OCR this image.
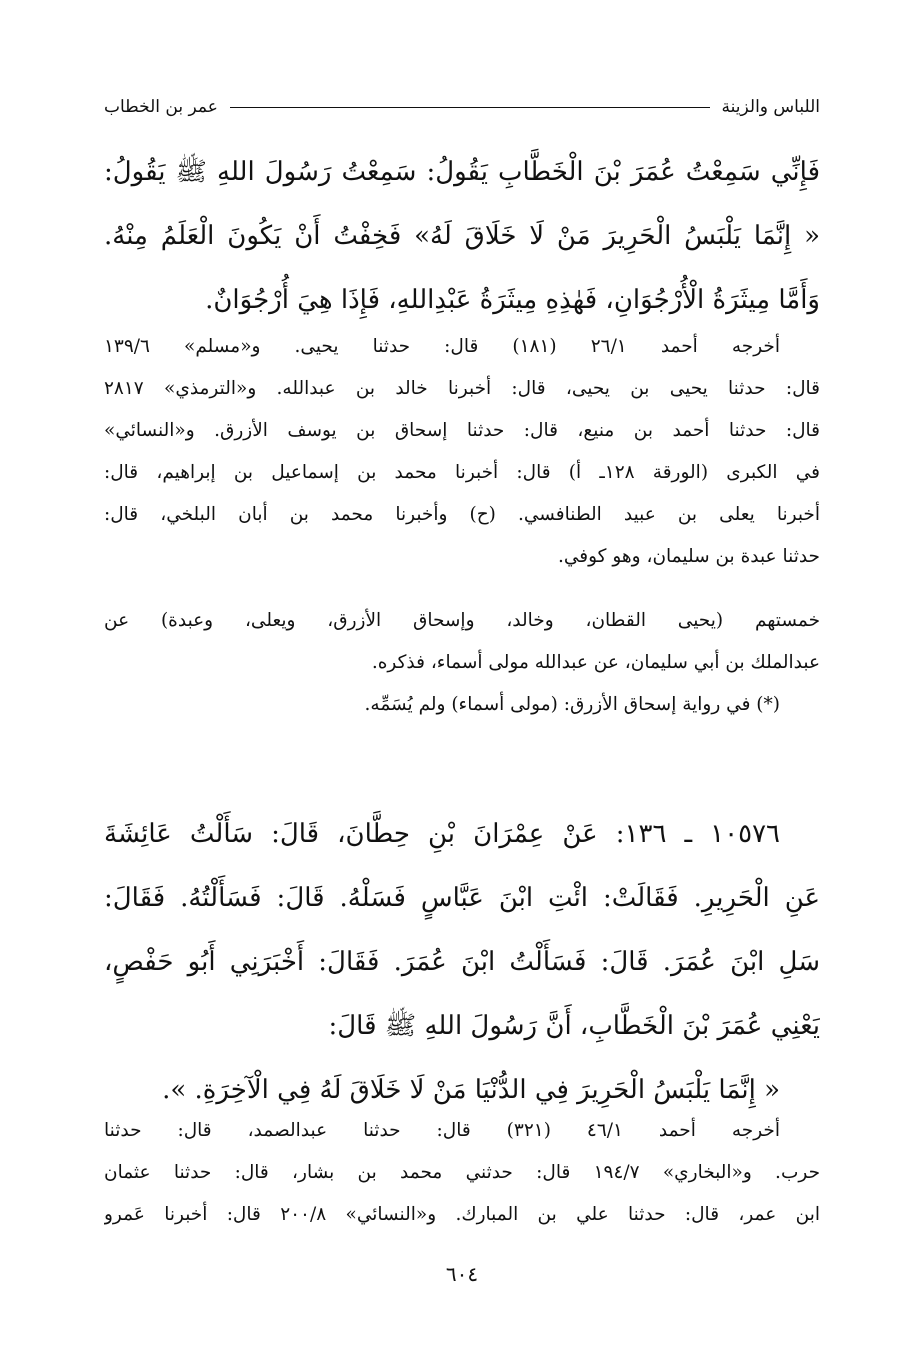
اللباس والزينة
عمر بن الخطاب
فَإِنِّي سَمِعْتُ عُمَرَ بْنَ الْخَطَّابِ يَقُولُ: سَمِعْتُ رَسُولَ اللهِ ﷺ يَقُولُ:
« إِنَّمَا يَلْبَسُ الْحَرِيرَ مَنْ لَا خَلَاقَ لَهُ» فَخِفْتُ أَنْ يَكُونَ الْعَلَمُ مِنْهُ.
وَأَمَّا مِيثَرَةُ الْأُرْجُوَانِ، فَهٰذِهِ مِيثَرَةُ عَبْدِاللهِ، فَإِذَا هِيَ أُرْجُوَانٌ.
أخرجه أحمد ٢٦/١ (١٨١) قال: حدثنا يحيى. و«مسلم» ١٣٩/٦
قال: حدثنا يحيى بن يحيى، قال: أخبرنا خالد بن عبدالله. و«الترمذي» ٢٨١٧
قال: حدثنا أحمد بن منيع، قال: حدثنا إسحاق بن يوسف الأزرق. و«النسائي»
في الكبرى (الورقة ١٢٨ـ أ) قال: أخبرنا محمد بن إسماعيل بن إبراهيم، قال:
أخبرنا يعلى بن عبيد الطنافسي. (ح) وأخبرنا محمد بن أبان البلخي، قال:
حدثنا عبدة بن سليمان، وهو كوفي.
خمستهم (يحيى القطان، وخالد، وإسحاق الأزرق، ويعلى، وعبدة) عن
عبدالملك بن أبي سليمان، عن عبدالله مولى أسماء، فذكره.
(*) في رواية إسحاق الأزرق: (مولى أسماء) ولم يُسَمِّه.
١٠٥٧٦ ـ ١٣٦: عَنْ عِمْرَانَ بْنِ حِطَّانَ، قَالَ: سَأَلْتُ عَائِشَةَ
عَنِ الْحَرِيرِ. فَقَالَتْ: ائْتِ ابْنَ عَبَّاسٍ فَسَلْهُ. قَالَ: فَسَأَلْتُهُ. فَقَالَ:
سَلِ ابْنَ عُمَرَ. قَالَ: فَسَأَلْتُ ابْنَ عُمَرَ. فَقَالَ: أَخْبَرَنِي أَبُو حَفْصٍ،
يَعْنِي عُمَرَ بْنَ الْخَطَّابِ، أَنَّ رَسُولَ اللهِ ﷺ قَالَ:
« إِنَّمَا يَلْبَسُ الْحَرِيرَ فِي الدُّنْيَا مَنْ لَا خَلَاقَ لَهُ فِي الْآخِرَةِ. ».
أخرجه أحمد ٤٦/١ (٣٢١) قال: حدثنا عبدالصمد، قال: حدثنا
حرب. و«البخاري» ١٩٤/٧ قال: حدثني محمد بن بشار، قال: حدثنا عثمان
ابن عمر، قال: حدثنا علي بن المبارك. و«النسائي» ٢٠٠/٨ قال: أخبرنا عَمرو
٦٠٤
